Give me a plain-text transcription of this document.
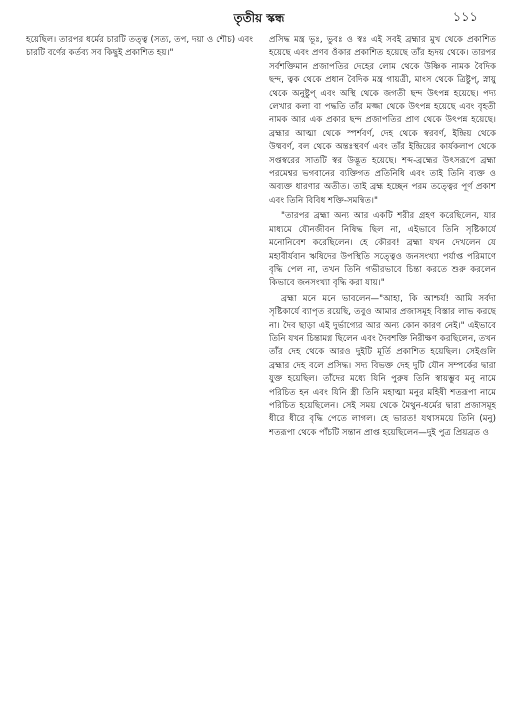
তৃতীয় স্কন্ধ	১১১

হয়েছিল। তারপর ধর্মের চারটি তত্ত্ব (সত্য, তপ, দয়া ও শৌচ) এবং চারটি বর্ণের কর্তব্য সব কিছুই প্রকাশিত হয়।"

প্রসিদ্ধ মন্ত্র ভূঃ, ভুবঃ ও স্বঃ এই সবই ব্রহ্মার মুখ থেকে প্রকাশিত হয়েছে এবং প্রণব ওঁকার প্রকাশিত হয়েছে তাঁর হৃদয় থেকে। তারপর সর্বশক্তিমান প্রজাপতির দেহের লোম থেকে উষ্ণিক নামক বৈদিক ছন্দ, ত্বক থেকে প্রধান বৈদিক মন্ত্র গায়ত্রী, মাংস থেকে ত্রিষ্টুপ্, স্নায়ু থেকে অনুষ্টুপ্ এবং অস্থি থেকে জগতী ছন্দ উৎপন্ন হয়েছে। পদ্য লেখার কলা বা পদ্ধতি তাঁর মজ্জা থেকে উৎপন্ন হয়েছে এবং বৃহতী নামক আর এক প্রকার ছন্দ প্রজাপতির প্রাণ থেকে উৎপন্ন হয়েছে। ব্রহ্মার আত্মা থেকে স্পর্শবর্ণ, দেহ থেকে স্বরবর্ণ, ইন্দ্রিয় থেকে উষ্মবর্ণ, বল থেকে অন্তঃস্থবর্ণ এবং তাঁর ইন্দ্রিয়ের কার্যকলাপ থেকে সপ্তস্বরের সাতটি স্বর উদ্ভূত হয়েছে। শব্দ-ব্রহ্মের উৎসরূপে ব্রহ্মা পরমেশ্বর ভগবানের ব্যক্তিগত প্রতিনিধি এবং তাই তিনি ব্যক্ত ও অব্যক্ত ধারণার অতীত। তাই ব্রহ্ম হচ্ছেন পরম তত্ত্বের পূর্ণ প্রকাশ এবং তিনি বিবিধ শক্তি-সমন্বিত।"

"তারপর ব্রহ্মা অন্য আর একটি শরীর গ্রহণ করেছিলেন, যার মাধ্যমে যৌনজীবন নিষিদ্ধ ছিল না, এইভাবে তিনি সৃষ্টিকার্যে মনোনিবেশ করেছিলেন। হে কৌরব! ব্রহ্মা যখন দেখলেন যে মহাবীর্যবান ঋষিদের উপস্থিতি সত্ত্বেও জনসংখ্যা পর্যাপ্ত পরিমাণে বৃদ্ধি পেল না, তখন তিনি গভীরভাবে চিন্তা করতে শুরু করলেন কিভাবে জনসংখ্যা বৃদ্ধি করা যায়।"

ব্রহ্মা মনে মনে ভাবলেন—"আহা, কি আশ্চর্য! আমি সর্বদা সৃষ্টিকার্যে ব্যাপৃত রয়েছি, তবুও আমার প্রজাসমূহ বিস্তার লাভ করছে না। দৈব ছাড়া এই দুর্ভাগ্যের আর অন্য কোন কারণ নেই।" এইভাবে তিনি যখন চিন্তামগ্ন ছিলেন এবং দৈবশক্তি নিরীক্ষণ করছিলেন, তখন তাঁর দেহ থেকে আরও দুইটি মূর্তি প্রকাশিত হয়েছিল। সেইগুলি ব্রহ্মার দেহ বলে প্রসিদ্ধ। সদ্য বিভক্ত দেহ দুটি যৌন সম্পর্কের দ্বারা যুক্ত হয়েছিল। তাঁদের মধ্যে যিনি পুরুষ তিনি স্বায়ম্ভুব মনু নামে পরিচিত হন এবং যিনি স্ত্রী তিনি মহাত্মা মনুর মহিষী শতরূপা নামে পরিচিত হয়েছিলেন। সেই সময় থেকে মৈথুন-ধর্মের দ্বারা প্রজাসমূহ ধীরে ধীরে বৃদ্ধি পেতে লাগল। হে ভারত! যথাসময়ে তিনি (মনু) শতরূপা থেকে পাঁচটি সন্তান প্রাপ্ত হয়েছিলেন—দুই পুত্র প্রিয়ব্রত ও
